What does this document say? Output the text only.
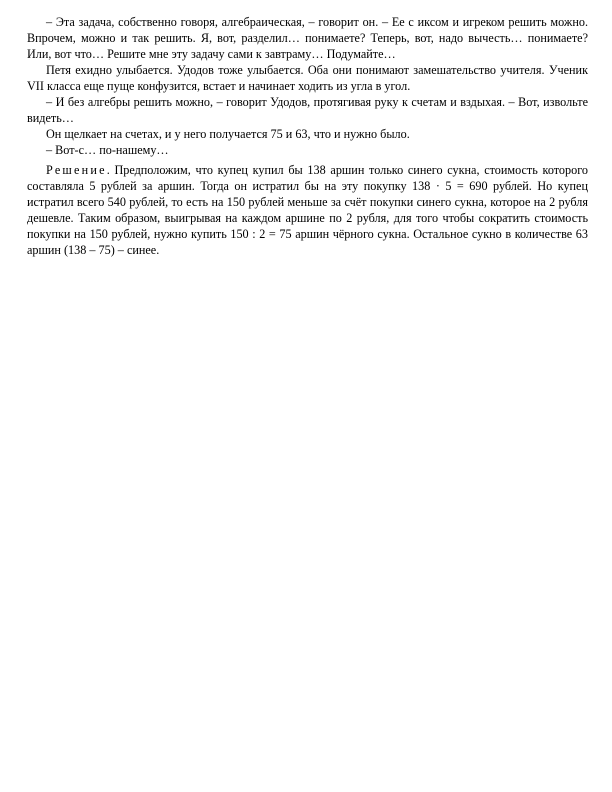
– Эта задача, собственно говоря, алгебраическая, – говорит он. – Ее с иксом и игреком решить можно. Впрочем, можно и так решить. Я, вот, разделил… понимаете? Теперь, вот, надо вычесть… понимаете? Или, вот что… Решите мне эту задачу сами к завтраму… Подумайте…

Петя ехидно улыбается. Удодов тоже улыбается. Оба они понимают замешательство учителя. Ученик VII класса еще пуще конфузится, встает и начинает ходить из угла в угол.

– И без алгебры решить можно, – говорит Удодов, протягивая руку к счетам и вздыхая. – Вот, извольте видеть…

Он щелкает на счетах, и у него получается 75 и 63, что и нужно было.

– Вот-с… по-нашему…

Решение. Предположим, что купец купил бы 138 аршин только синего сукна, стоимость которого составляла 5 рублей за аршин. Тогда он истратил бы на эту покупку 138 · 5 = 690 рублей. Но купец истратил всего 540 рублей, то есть на 150 рублей меньше за счёт покупки синего сукна, которое на 2 рубля дешевле. Таким образом, выигрывая на каждом аршине по 2 рубля, для того чтобы сократить стоимость покупки на 150 рублей, нужно купить 150 : 2 = 75 аршин чёрного сукна. Остальное сукно в количестве 63 аршин (138 – 75) – синее.
